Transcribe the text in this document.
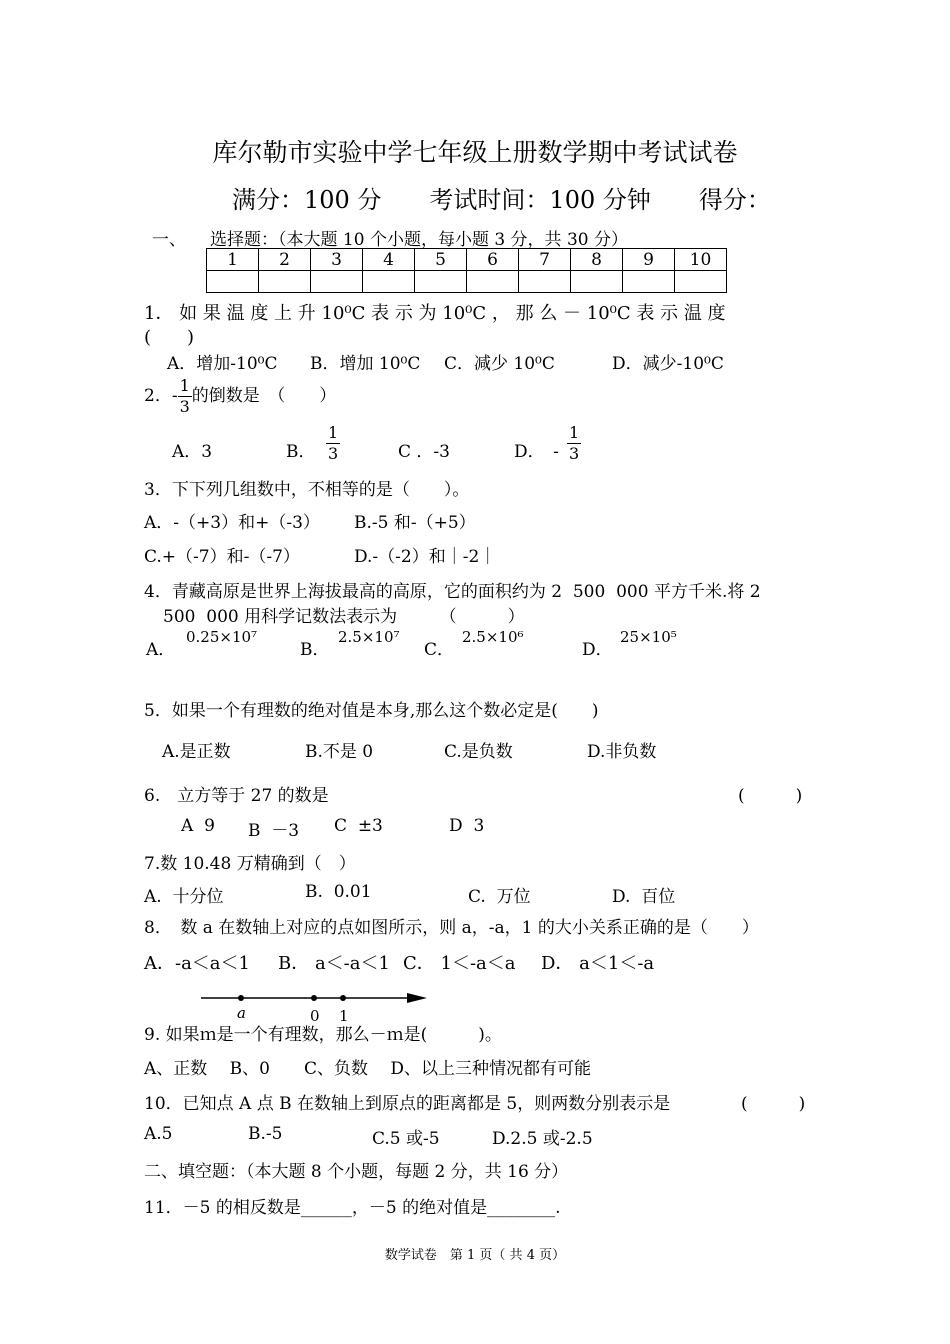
库尔勒市实验中学七年级上册数学期中考试试卷
满分：100 分　　考试时间：100 分钟　　得分：
一、 选择题：（本大题 10 个小题，每小题 3 分，共 30 分）
1	2	3	4	5	6	7	8	9	10

1． 如 果 温 度 上 升 10⁰C 表 示 为 10⁰C ， 那 么 － 10⁰C 表 示 温 度
(　　)
A．增加-10⁰C B．增加 10⁰C C．减少 10⁰C	D．减少-10⁰C
2．- $\frac{1}{3}$ 的倒数是　（　　）
A．3	B． $\frac{1}{3}$	C ．-3	D．　- $\frac{1}{3}$
3．下下列几组数中，不相等的是（　　）。
A．-（+3）和+（-3） B.-5 和-（+5）
C.+（-7）和-（-7）	D.-（-2）和｜-2｜
4．青藏高原是世界上海拔最高的高原，它的面积约为 2  500  000 平方千米.将 2
500  000 用科学记数法表示为　　　（　　　）
A．
0.25×10⁷
B．
2.5×10⁷
C．
2.5×10⁶
D．
25×10⁵
5．如果一个有理数的绝对值是本身,那么这个数必定是(　　)
A.是正数	B.不是 0	C.是负数	D.非负数
6.　立方等于 27 的数是	(　　　)
A  9 B  －3 C  ±3	D  3
7.数 10.48 万精确到（　）
A.  十分位	B.  0.01	C.  万位	D.  百位
8．　数 a 在数轴上对应的点如图所示，则 a，-a，1 的大小关系正确的是（　　）
A．-a＜a＜1 B． a＜-a＜1 C． 1＜-a＜a D． a＜1＜-a
a	0 1
9. 如果ｍ是一个有理数，那么－ｍ是(　　　)。
A、正数　 B、0　　C、负数　 D、以上三种情况都有可能
10．已知点 A 点 B 在数轴上到原点的距离都是 5，则两数分别表示是	(　　　)
A.5	B.-5	C.5 或-5	D.2.5 或-2.5
二、填空题：（本大题 8 个小题，每题 2 分，共 16 分）
11．－5 的相反数是______，－5 的绝对值是________.
数学试卷　第 1 页（ 共 4 页）
